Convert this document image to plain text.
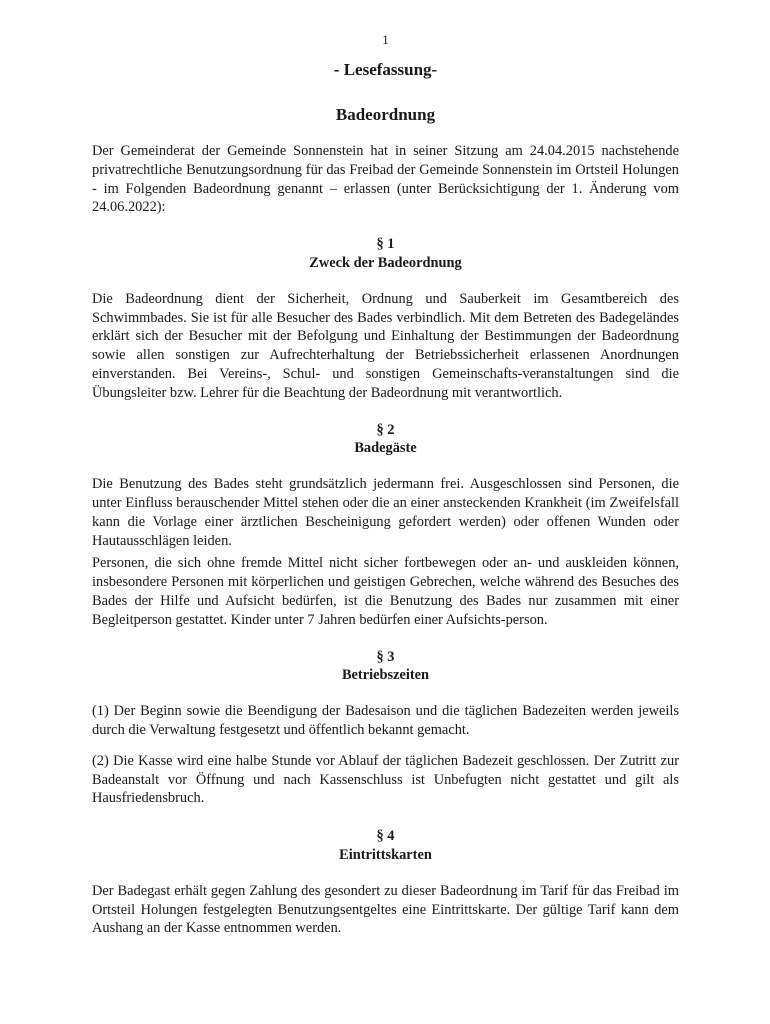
1
- Lesefassung-
Badeordnung

Der Gemeinderat der Gemeinde Sonnenstein hat in seiner Sitzung am 24.04.2015 nachstehende privatrechtliche Benutzungsordnung für das Freibad der Gemeinde Sonnenstein im Ortsteil Holungen - im Folgenden Badeordnung genannt – erlassen (unter Berücksichtigung der 1. Änderung vom 24.06.2022):

§ 1
Zweck der Badeordnung

Die Badeordnung dient der Sicherheit, Ordnung und Sauberkeit im Gesamtbereich des Schwimmbades. Sie ist für alle Besucher des Bades verbindlich. Mit dem Betreten des Badegeländes erklärt sich der Besucher mit der Befolgung und Einhaltung der Bestimmungen der Badeordnung sowie allen sonstigen zur Aufrechterhaltung der Betriebssicherheit erlassenen Anordnungen einverstanden. Bei Vereins-, Schul- und sonstigen Gemeinschafts-veranstaltungen sind die Übungsleiter bzw. Lehrer für die Beachtung der Badeordnung mit verantwortlich.

§ 2
Badegäste

Die Benutzung des Bades steht grundsätzlich jedermann frei. Ausgeschlossen sind Personen, die unter Einfluss berauschender Mittel stehen oder die an einer ansteckenden Krankheit (im Zweifelsfall kann die Vorlage einer ärztlichen Bescheinigung gefordert werden) oder offenen Wunden oder Hautausschlägen leiden.

Personen, die sich ohne fremde Mittel nicht sicher fortbewegen oder an- und auskleiden können, insbesondere Personen mit körperlichen und geistigen Gebrechen, welche während des Besuches des Bades der Hilfe und Aufsicht bedürfen, ist die Benutzung des Bades nur zusammen mit einer Begleitperson gestattet. Kinder unter 7 Jahren bedürfen einer Aufsichts-person.

§ 3
Betriebszeiten

(1) Der Beginn sowie die Beendigung der Badesaison und die täglichen Badezeiten werden jeweils durch die Verwaltung festgesetzt und öffentlich bekannt gemacht.

(2) Die Kasse wird eine halbe Stunde vor Ablauf der täglichen Badezeit geschlossen. Der Zutritt zur Badeanstalt vor Öffnung und nach Kassenschluss ist Unbefugten nicht gestattet und gilt als Hausfriedensbruch.

§ 4
Eintrittskarten

Der Badegast erhält gegen Zahlung des gesondert zu dieser Badeordnung im Tarif für das Freibad im Ortsteil Holungen festgelegten Benutzungsentgeltes eine Eintrittskarte. Der gültige Tarif kann dem Aushang an der Kasse entnommen werden.
